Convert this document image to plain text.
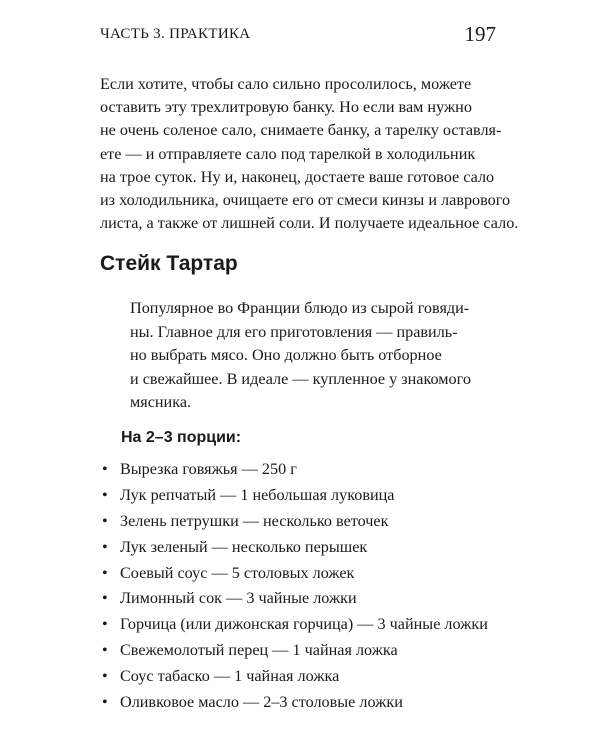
ЧАСТЬ 3. ПРАКТИКА	197

Если хотите, чтобы сало сильно просолилось, можете
оставить эту трехлитровую банку. Но если вам нужно
не очень соленое сало, снимаете банку, а тарелку оставля-
ете — и отправляете сало под тарелкой в холодильник
на трое суток. Ну и, наконец, достаете ваше готовое сало
из холодильника, очищаете его от смеси кинзы и лаврового
листа, а также от лишней соли. И получаете идеальное сало.

Стейк Тартар

Популярное во Франции блюдо из сырой говяди-
ны. Главное для его приготовления — правиль-
но выбрать мясо. Оно должно быть отборное
и свежайшее. В идеале — купленное у знакомого
мясника.

На 2–3 порции:

• Вырезка говяжья — 250 г
• Лук репчатый — 1 небольшая луковица
• Зелень петрушки — несколько веточек
• Лук зеленый — несколько перышек
• Соевый соус — 5 столовых ложек
• Лимонный сок — 3 чайные ложки
• Горчица (или дижонская горчица) — 3 чайные ложки
• Свежемолотый перец — 1 чайная ложка
• Соус табаско — 1 чайная ложка
• Оливковое масло — 2–3 столовые ложки
